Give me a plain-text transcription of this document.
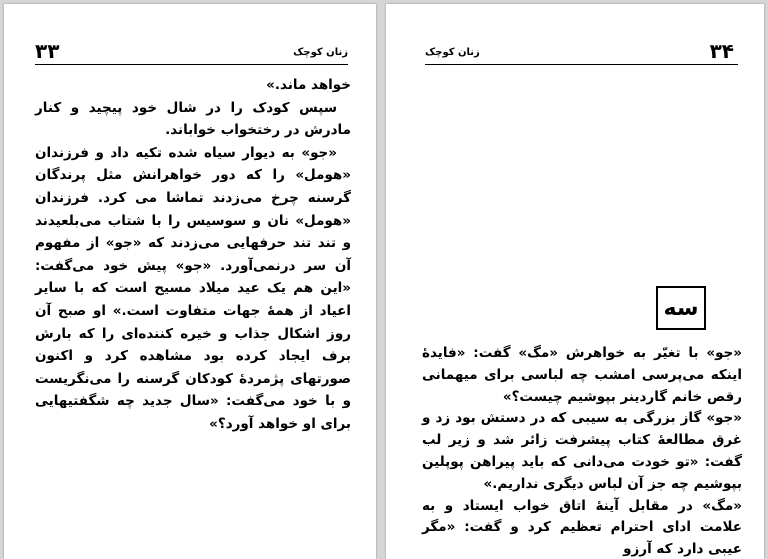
۳۳	زنان کوچک

خواهد ماند.»

سپس کودک را در شال خود پیچید و کنار مادرش در رختخواب خواباند.

«جو» به دیوار سیاه شده تکیه داد و فرزندان «هومل» را که دور خواهرانش مثل پرندگان گرسنه چرخ می‌زدند تماشا می کرد. فرزندان «هومل» نان و سوسیس را با شتاب می‌بلعیدند و تند تند حرفهایی می‌زدند که «جو» از مفهوم آن سر درنمی‌آورد. «جو» پیش خود می‌گفت: «این هم یک عید میلاد مسیح است که با سایر اعیاد از همهٔ جهات متفاوت است.» او صبح آن روز اشکال جذاب و خیره کننده‌ای را که بارش برف ایجاد کرده بود مشاهده کرد و اکنون صورتهای پژمردهٔ کودکان گرسنه را می‌نگریست و با خود می‌گفت: «سال جدید چه شگفتیهایی برای او خواهد آورد؟»

زنان کوچک	۳۴
سه

«جو» با تغیّر به خواهرش «مگ» گفت: «فایدهٔ اینکه می‌پرسی امشب چه لباسی برای میهمانی رقص خانم گاردینر بپوشیم چیست؟»

«جو» گاز بزرگی به سیبی که در دستش بود زد و غرق مطالعهٔ کتاب پیشرفت زائر شد و زیر لب گفت: «تو خودت می‌دانی که باید پیراهن پوپلین بپوشیم چه جز آن لباس دیگری نداریم.»

«مگ» در مقابل آینهٔ اتاق خواب ایستاد و به علامت ادای احترام تعظیم کرد و گفت: «مگر عیبی دارد که آرزو
